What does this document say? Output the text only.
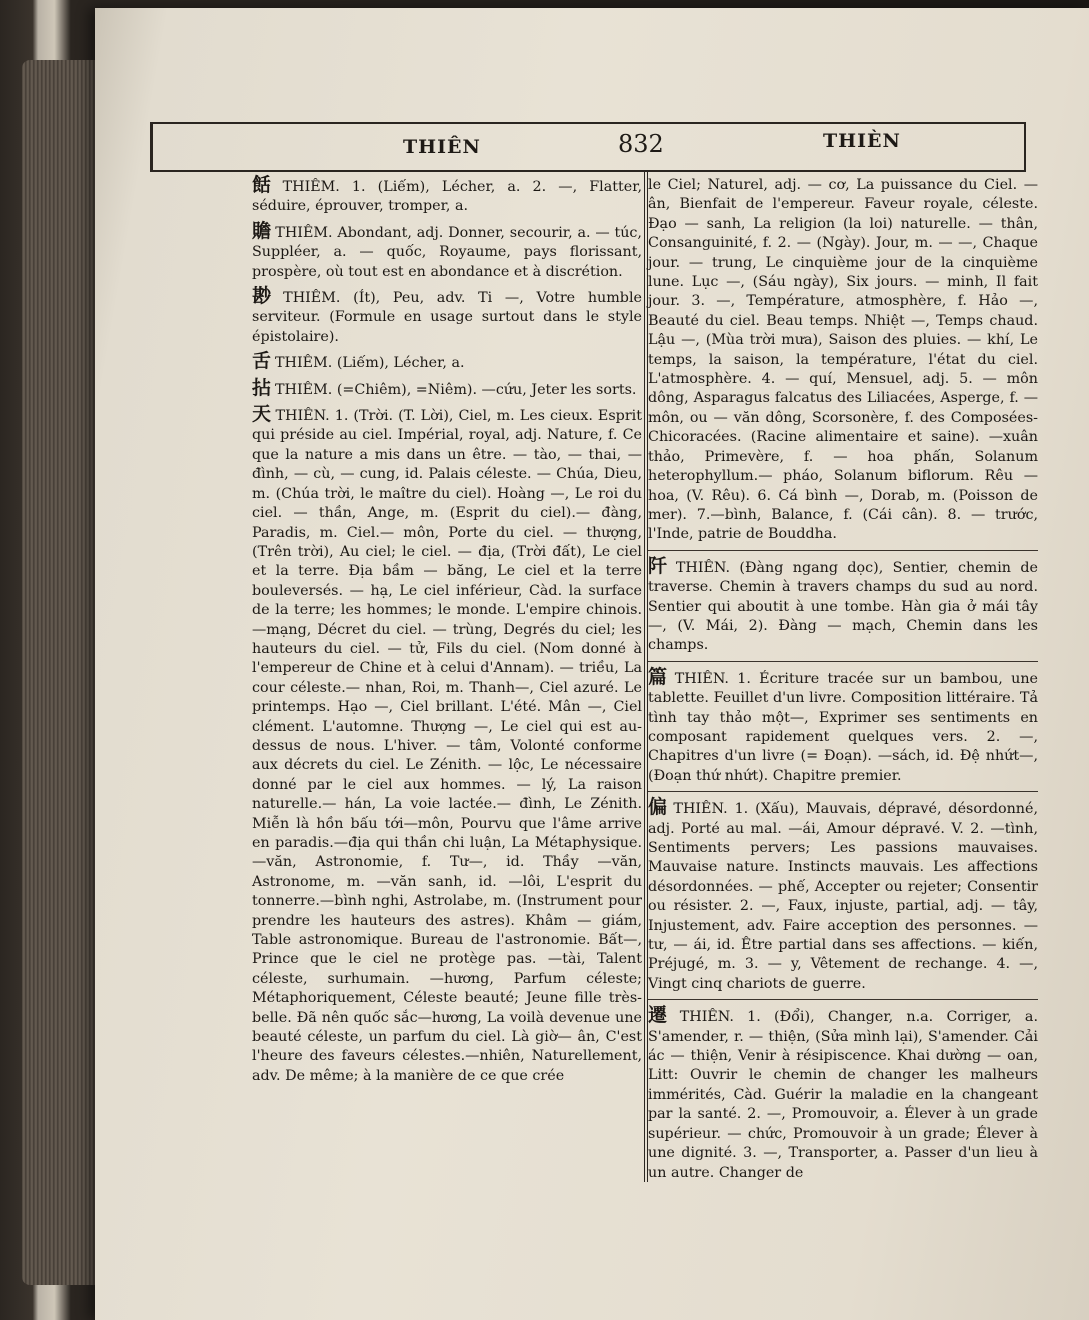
THIÊN	832	THIÈN

餂 THIÊM. 1. (Liếm), Lécher, a. 2. —, Flatter, séduire, éprouver, tromper, a.

贍 THIÊM. Abondant, adj. Donner, secourir, a. — túc, Suppléer, a. — quốc, Royaume, pays florissant, prospère, où tout est en abondance et à discrétion.

尠 THIÊM. (Ít), Peu, adv. Ti —, Votre humble serviteur. (Formule en usage surtout dans le style épistolaire).

舌 THIÊM. (Liếm), Lécher, a.

拈 THIÊM. (=Chiêm), =Niêm). —cứu, Jeter les sorts.

天 THIÊN. 1. (Trời. (T. Lời), Ciel, m. Les cieux. Esprit qui préside au ciel. Impérial, royal, adj. Nature, f. Ce que la nature a mis dans un être. — tào, — thai, — đình, — cù, — cung, id. Palais céleste. — Chúa, Dieu, m. (Chúa trời, le maître du ciel). Hoàng —, Le roi du ciel. — thần, Ange, m. (Esprit du ciel).— đàng, Paradis, m. Ciel.— môn, Porte du ciel. — thượng, (Trên trời), Au ciel; le ciel. — địa, (Trời đất), Le ciel et la terre. Địa bầm — băng, Le ciel et la terre bouleversés. — hạ, Le ciel inférieur, Càd. la surface de la terre; les hommes; le monde. L'empire chinois. —mạng, Décret du ciel. — trùng, Degrés du ciel; les hauteurs du ciel. — tử, Fils du ciel. (Nom donné à l'empereur de Chine et à celui d'Annam). — triều, La cour céleste.— nhan, Roi, m. Thanh—, Ciel azuré. Le printemps. Hạo —, Ciel brillant. L'été. Mân —, Ciel clément. L'automne. Thượng —, Le ciel qui est au-dessus de nous. L'hiver. — tâm, Volonté conforme aux décrets du ciel. Le Zénith. — lộc, Le nécessaire donné par le ciel aux hommes. — lý, La raison naturelle.— hán, La voie lactée.— đình, Le Zénith. Miễn là hồn bấu tới—môn, Pourvu que l'âme arrive en paradis.—địa qui thần chi luận, La Métaphysique. —văn, Astronomie, f. Tư—, id. Thầy —văn, Astronome, m. —văn sanh, id. —lôi, L'esprit du tonnerre.—bình nghi, Astrolabe, m. (Instrument pour prendre les hauteurs des astres). Khâm — giám, Table astronomique. Bureau de l'astronomie. Bất—, Prince que le ciel ne protège pas. —tài, Talent céleste, surhumain. —hương, Parfum céleste; Métaphoriquement, Céleste beauté; Jeune fille très-belle. Đã nên quốc sắc—hương, La voilà devenue une beauté céleste, un parfum du ciel. Là giờ— ân, C'est l'heure des faveurs célestes.—nhiên, Naturellement, adv. De même; à la manière de ce que crée

le Ciel; Naturel, adj. — cơ, La puissance du Ciel. —ân, Bienfait de l'empereur. Faveur royale, céleste. Đạo — sanh, La religion (la loi) naturelle. — thân, Consanguinité, f. 2. — (Ngày). Jour, m. — —, Chaque jour. — trung, Le cinquième jour de la cinquième lune. Lục —, (Sáu ngày), Six jours. — minh, Il fait jour. 3. —, Température, atmosphère, f. Hảo —, Beauté du ciel. Beau temps. Nhiệt —, Temps chaud. Lậu —, (Mùa trời mưa), Saison des pluies. — khí, Le temps, la saison, la température, l'état du ciel. L'atmosphère. 4. — quí, Mensuel, adj. 5. — môn dông, Asparagus falcatus des Liliacées, Asperge, f. — môn, ou — văn dông, Scorsonère, f. des Composées-Chicoracées. (Racine alimentaire et saine). —xuân thảo, Primevère, f. — hoa phấn, Solanum heterophyllum.— pháo, Solanum biflorum. Rêu — hoa, (V. Rêu). 6. Cá bình —, Dorab, m. (Poisson de mer). 7.—bình, Balance, f. (Cái cân). 8. — trước, l'Inde, patrie de Bouddha.

阡 THIÊN. (Đàng ngang dọc), Sentier, chemin de traverse. Chemin à travers champs du sud au nord. Sentier qui aboutit à une tombe. Hàn gia ở mái tây —, (V. Mái, 2). Đàng — mạch, Chemin dans les champs.

篇 THIÊN. 1. Écriture tracée sur un bambou, une tablette. Feuillet d'un livre. Composition littéraire. Tả tình tay thảo một—, Exprimer ses sentiments en composant rapidement quelques vers. 2. —, Chapitres d'un livre (= Đoạn). —sách, id. Đệ nhứt—, (Đoạn thứ nhứt). Chapitre premier.

偏 THIÊN. 1. (Xấu), Mauvais, dépravé, désordonné, adj. Porté au mal. —ái, Amour dépravé. V. 2. —tình, Sentiments pervers; Les passions mauvaises. Mauvaise nature. Instincts mauvais. Les affections désordonnées. — phế, Accepter ou rejeter; Consentir ou résister. 2. —, Faux, injuste, partial, adj. — tây, Injustement, adv. Faire acception des personnes. — tư, — ái, id. Être partial dans ses affections. — kiến, Préjugé, m. 3. — y, Vêtement de rechange. 4. —, Vingt cinq chariots de guerre.

遷 THIÊN. 1. (Đổi), Changer, n.a. Corriger, a. S'amender, r. — thiện, (Sửa mình lại), S'amender. Cải ác — thiện, Venir à résipiscence. Khai dường — oan, Litt: Ouvrir le chemin de changer les malheurs immérités, Càd. Guérir la maladie en la changeant par la santé. 2. —, Promouvoir, a. Élever à un grade supérieur. — chức, Promouvoir à un grade; Élever à une dignité. 3. —, Transporter, a. Passer d'un lieu à un autre. Changer de
